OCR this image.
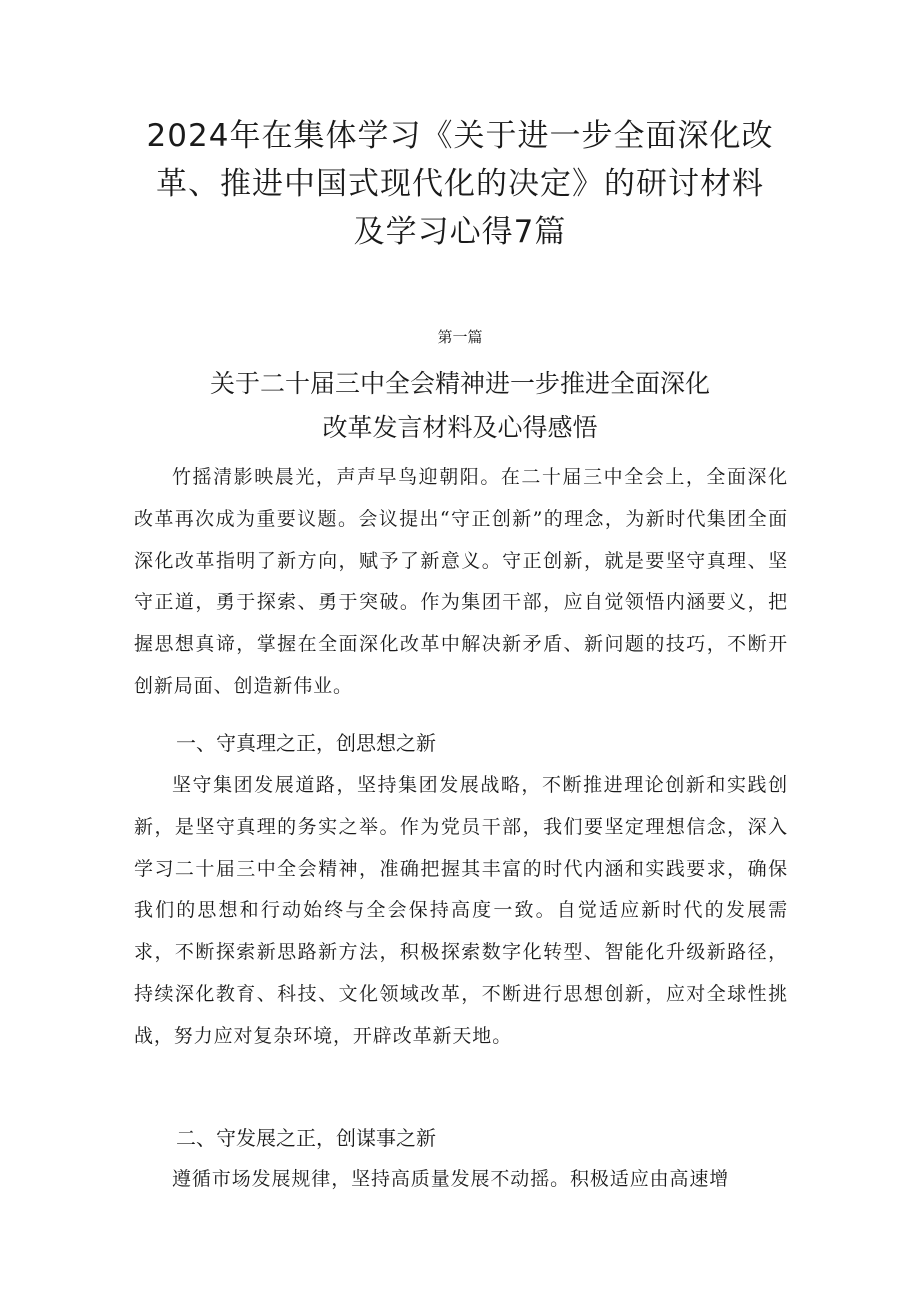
2024年在集体学习《关于进一步全面深化改
革、推进中国式现代化的决定》的研讨材料
及学习心得7篇
第一篇
关于二十届三中全会精神进一步推进全面深化
改革发言材料及心得感悟

竹摇清影映晨光，声声早鸟迎朝阳。在二十届三中全会上，全面深化改革再次成为重要议题。会议提出“守正创新”的理念，为新时代集团全面深化改革指明了新方向，赋予了新意义。守正创新，就是要坚守真理、坚守正道，勇于探索、勇于突破。作为集团干部，应自觉领悟内涵要义，把握思想真谛，掌握在全面深化改革中解决新矛盾、新问题的技巧，不断开创新局面、创造新伟业。

一、守真理之正，创思想之新

坚守集团发展道路，坚持集团发展战略，不断推进理论创新和实践创新，是坚守真理的务实之举。作为党员干部，我们要坚定理想信念，深入学习二十届三中全会精神，准确把握其丰富的时代内涵和实践要求，确保我们的思想和行动始终与全会保持高度一致。自觉适应新时代的发展需求，不断探索新思路新方法，积极探索数字化转型、智能化升级新路径，持续深化教育、科技、文化领域改革，不断进行思想创新，应对全球性挑战，努力应对复杂环境，开辟改革新天地。

二、守发展之正，创谋事之新

遵循市场发展规律，坚持高质量发展不动摇。积极适应由高速增
